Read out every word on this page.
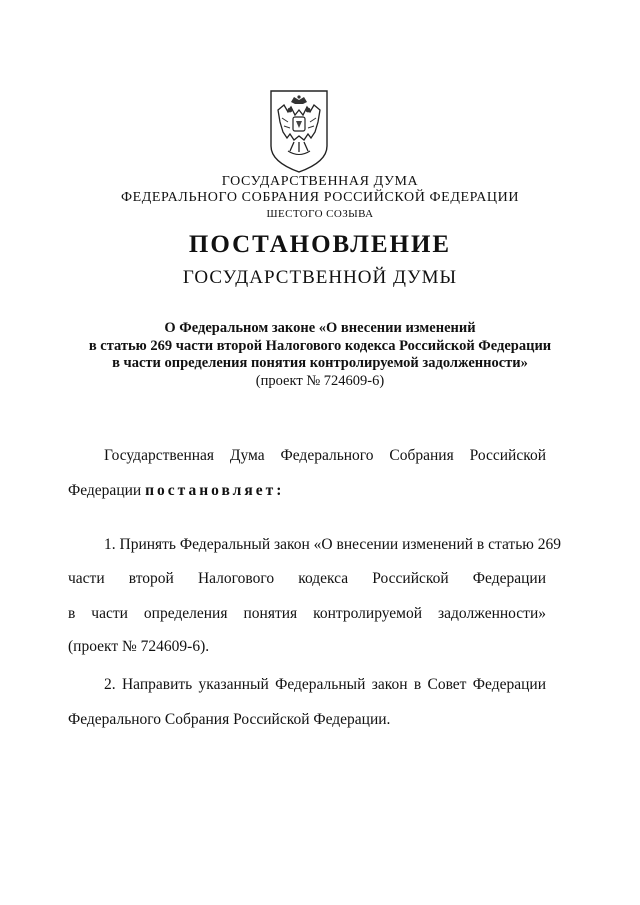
ГОСУДАРСТВЕННАЯ ДУМА
ФЕДЕРАЛЬНОГО СОБРАНИЯ РОССИЙСКОЙ ФЕДЕРАЦИИ
ШЕСТОГО СОЗЫВА
ПОСТАНОВЛЕНИЕ
ГОСУДАРСТВЕННОЙ ДУМЫ
О Федеральном законе «О внесении изменений
в статью 269 части второй Налогового кодекса Российской Федерации
в части определения понятия контролируемой задолженности»
(проект № 724609-6)
Государственная Дума Федерального Собрания Российской
Федерации постановляет:
1. Принять Федеральный закон «О внесении изменений в статью 269
части второй Налогового кодекса Российской Федерации
в части определения понятия контролируемой задолженности»
(проект № 724609-6).
2. Направить указанный Федеральный закон в Совет Федерации
Федерального Собрания Российской Федерации.
